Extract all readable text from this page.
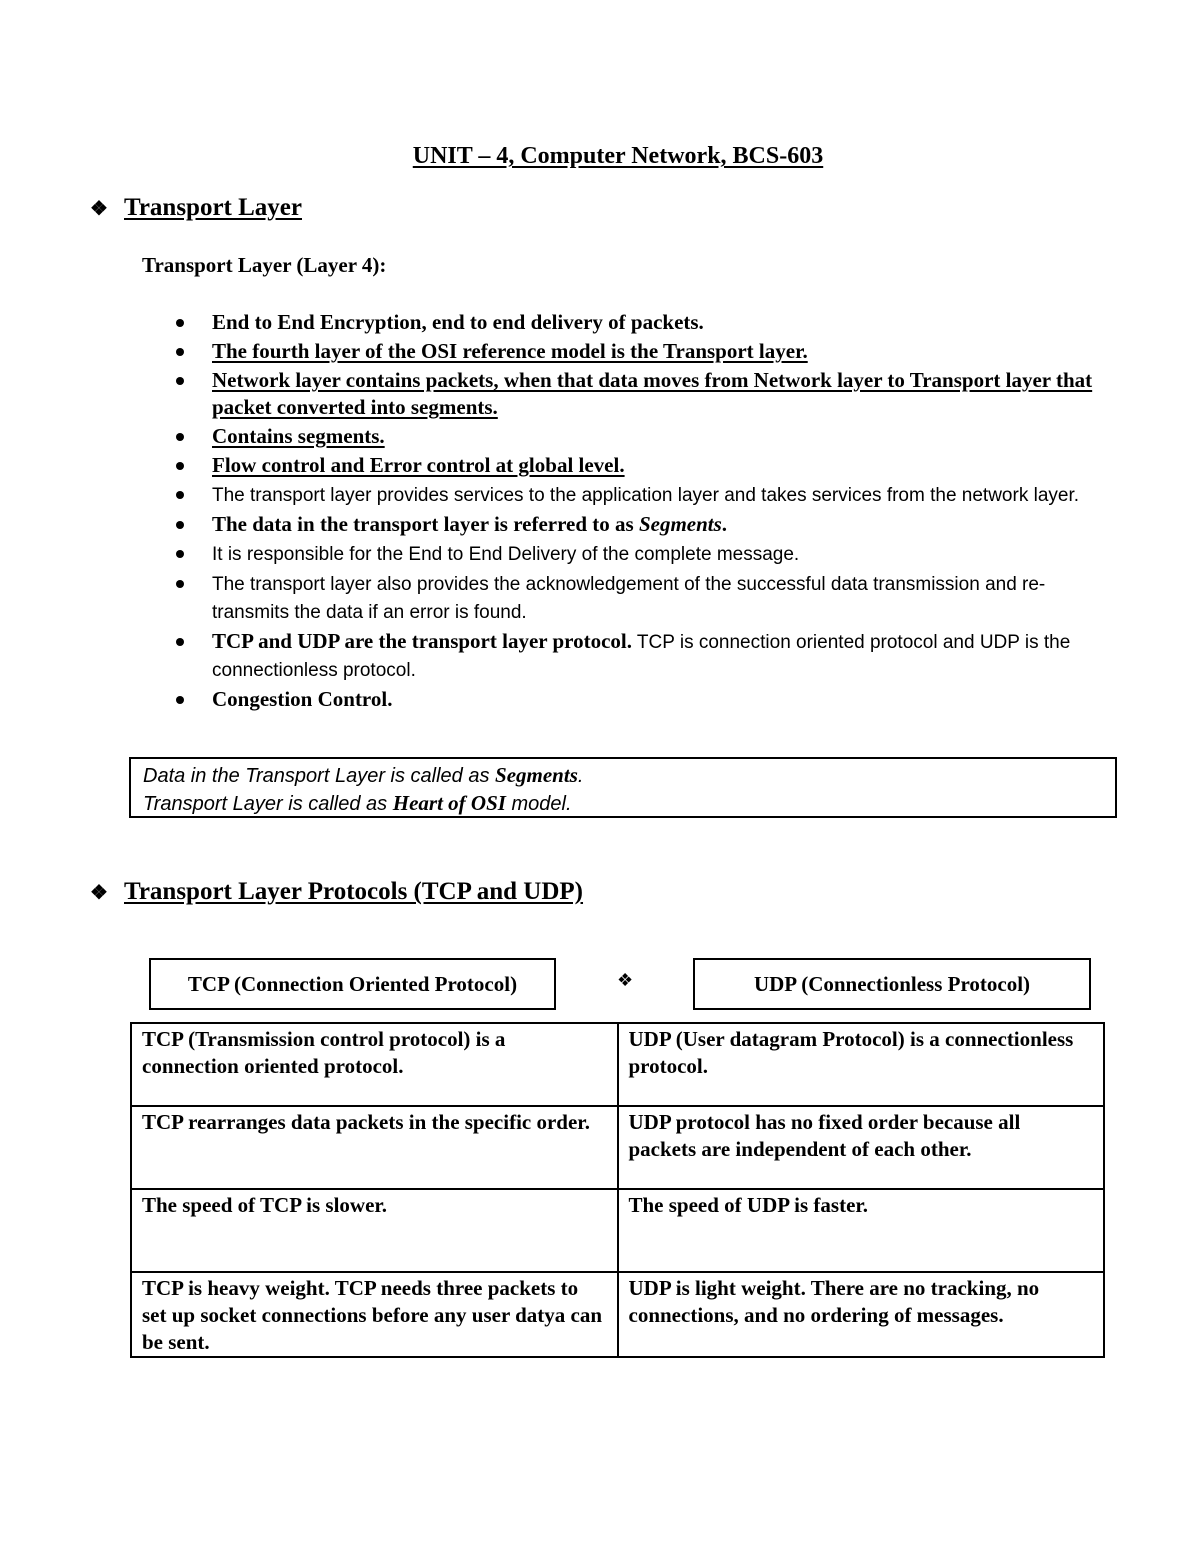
UNIT – 4, Computer Network, BCS-603
❖ Transport Layer
Transport Layer (Layer 4):
End to End Encryption, end to end delivery of packets.
The fourth layer of the OSI reference model is the Transport layer.
Network layer contains packets, when that data moves from Network layer to Transport layer that packet converted into segments.
Contains segments.
Flow control and Error control at global level.
The transport layer provides services to the application layer and takes services from the network layer.
The data in the transport layer is referred to as Segments.
It is responsible for the End to End Delivery of the complete message.
The transport layer also provides the acknowledgement of the successful data transmission and re-transmits the data if an error is found.
TCP and UDP are the transport layer protocol. TCP is connection oriented protocol and UDP is the connectionless protocol.
Congestion Control.
Data in the Transport Layer is called as Segments.
Transport Layer is called as Heart of OSI model.
❖ Transport Layer Protocols (TCP and UDP)
TCP (Connection Oriented Protocol)	❖	UDP (Connectionless Protocol)
TCP (Transmission control protocol) is a connection oriented protocol.	UDP (User datagram Protocol) is a connectionless protocol.
TCP rearranges data packets in the specific order.	UDP protocol has no fixed order because all packets are independent of each other.
The speed of TCP is slower.	The speed of UDP is faster.
TCP is heavy weight. TCP needs three packets to set up socket connections before any user datya can be sent.	UDP is light weight. There are no tracking, no connections, and no ordering of messages.
